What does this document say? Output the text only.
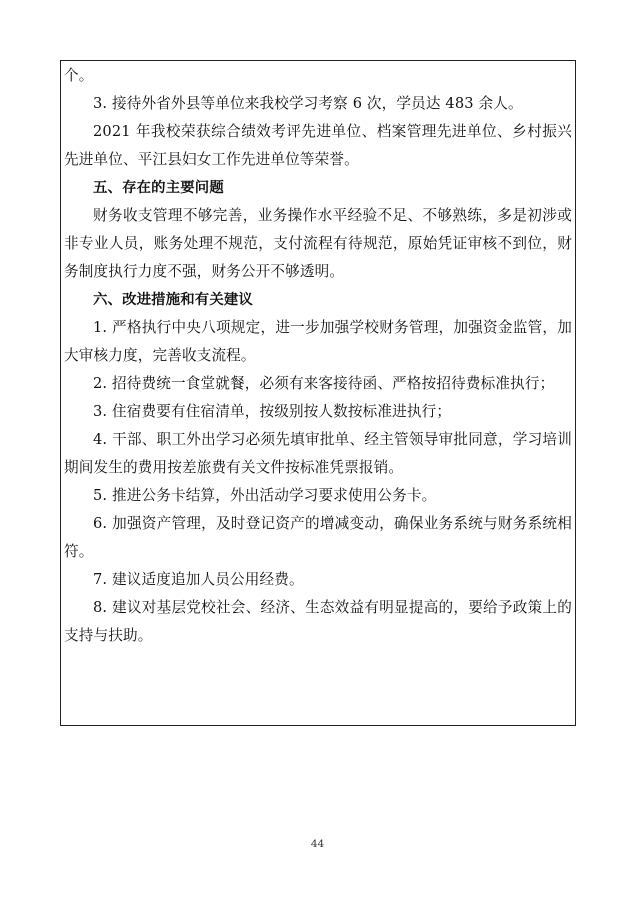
个。
3. 接待外省外县等单位来我校学习考察 6 次，学员达 483 余人。
2021 年我校荣获综合绩效考评先进单位、档案管理先进单位、乡村振兴
先进单位、平江县妇女工作先进单位等荣誉。
五、存在的主要问题
财务收支管理不够完善，业务操作水平经验不足、不够熟练，多是初涉或
非专业人员，账务处理不规范，支付流程有待规范，原始凭证审核不到位，财
务制度执行力度不强，财务公开不够透明。
六、改进措施和有关建议
1. 严格执行中央八项规定，进一步加强学校财务管理，加强资金监管，加
大审核力度，完善收支流程。
2. 招待费统一食堂就餐，必须有来客接待函、严格按招待费标准执行；
3. 住宿费要有住宿清单，按级别按人数按标准进执行；
4. 干部、职工外出学习必须先填审批单、经主管领导审批同意，学习培训
期间发生的费用按差旅费有关文件按标准凭票报销。
5. 推进公务卡结算，外出活动学习要求使用公务卡。
6. 加强资产管理，及时登记资产的增减变动，确保业务系统与财务系统相
符。
7. 建议适度追加人员公用经费。
8. 建议对基层党校社会、经济、生态效益有明显提高的，要给予政策上的
支持与扶助。
44
